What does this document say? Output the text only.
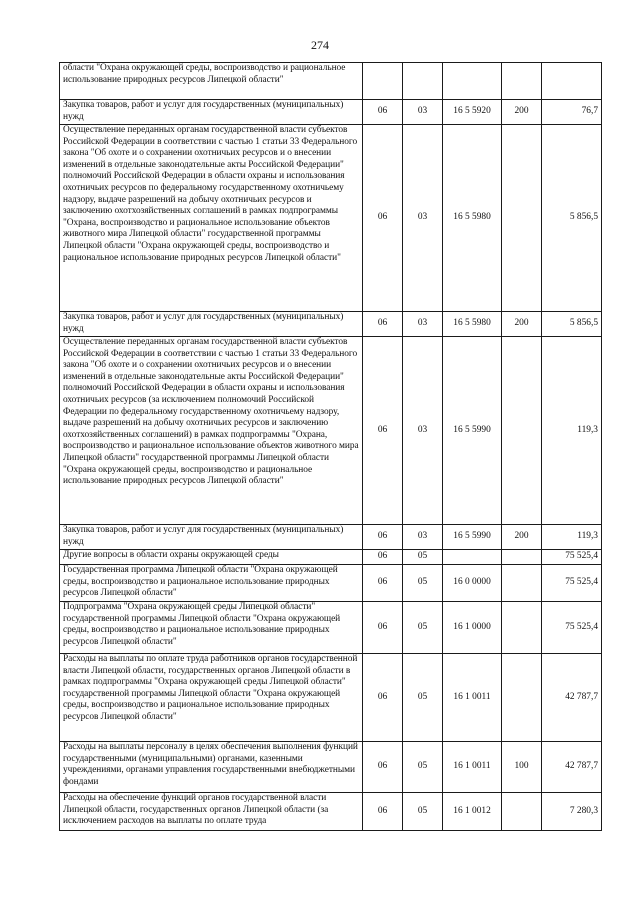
274
области "Охрана окружающей среды, воспроизводство и рациональное использование природных ресурсов Липецкой области"					
Закупка товаров, работ и услуг для государственных (муниципальных) нужд	06	03	16 5 5920	200	76,7
Осуществление переданных органам государственной власти субъектов Российской Федерации в соответствии с частью 1 статьи 33 Федерального закона "Об охоте и о сохранении охотничьих ресурсов и о внесении изменений в отдельные законодательные акты Российской Федерации" полномочий Российской Федерации в области охраны и использования охотничьих ресурсов по федеральному государственному охотничьему надзору, выдаче разрешений на добычу охотничьих ресурсов и заключению охотхозяйственных соглашений в рамках подпрограммы "Охрана, воспроизводство и рациональное использование объектов животного мира Липецкой области" государственной программы Липецкой области "Охрана окружающей среды, воспроизводство и рациональное использование природных ресурсов Липецкой области"	06	03	16 5 5980		5 856,5
Закупка товаров, работ и услуг для государственных (муниципальных) нужд	06	03	16 5 5980	200	5 856,5
Осуществление переданных органам государственной власти субъектов Российской Федерации в соответствии с частью 1 статьи 33 Федерального закона "Об охоте и о сохранении охотничьих ресурсов и о внесении изменений в отдельные законодательные акты Российской Федерации" полномочий Российской Федерации в области охраны и использования охотничьих ресурсов (за исключением полномочий Российской Федерации по федеральному государственному охотничьему надзору, выдаче разрешений на добычу охотничьих ресурсов и заключению охотхозяйственных соглашений) в рамках подпрограммы "Охрана, воспроизводство и рациональное использование объектов животного мира Липецкой области" государственной программы Липецкой области "Охрана окружающей среды, воспроизводство и рациональное использование природных ресурсов Липецкой области"	06	03	16 5 5990		119,3
Закупка товаров, работ и услуг для государственных (муниципальных) нужд	06	03	16 5 5990	200	119,3
Другие вопросы в области охраны окружающей среды	06	05			75 525,4
Государственная программа Липецкой области "Охрана окружающей среды, воспроизводство и рациональное использование природных ресурсов Липецкой области"	06	05	16 0 0000		75 525,4
Подпрограмма "Охрана окружающей среды Липецкой области" государственной программы Липецкой области "Охрана окружающей среды, воспроизводство и рациональное использование природных ресурсов Липецкой области"	06	05	16 1 0000		75 525,4
Расходы на выплаты по оплате труда работников органов государственной власти Липецкой области, государственных органов Липецкой области в рамках подпрограммы "Охрана окружающей среды Липецкой области" государственной программы Липецкой области "Охрана окружающей среды, воспроизводство и рациональное использование природных ресурсов Липецкой области"	06	05	16 1 0011		42 787,7
Расходы на выплаты персоналу в целях обеспечения выполнения функций государственными (муниципальными) органами, казенными учреждениями, органами управления государственными внебюджетными фондами	06	05	16 1 0011	100	42 787,7
Расходы на обеспечение функций органов государственной власти Липецкой области, государственных органов Липецкой области (за исключением расходов на выплаты по оплате труда	06	05	16 1 0012		7 280,3
